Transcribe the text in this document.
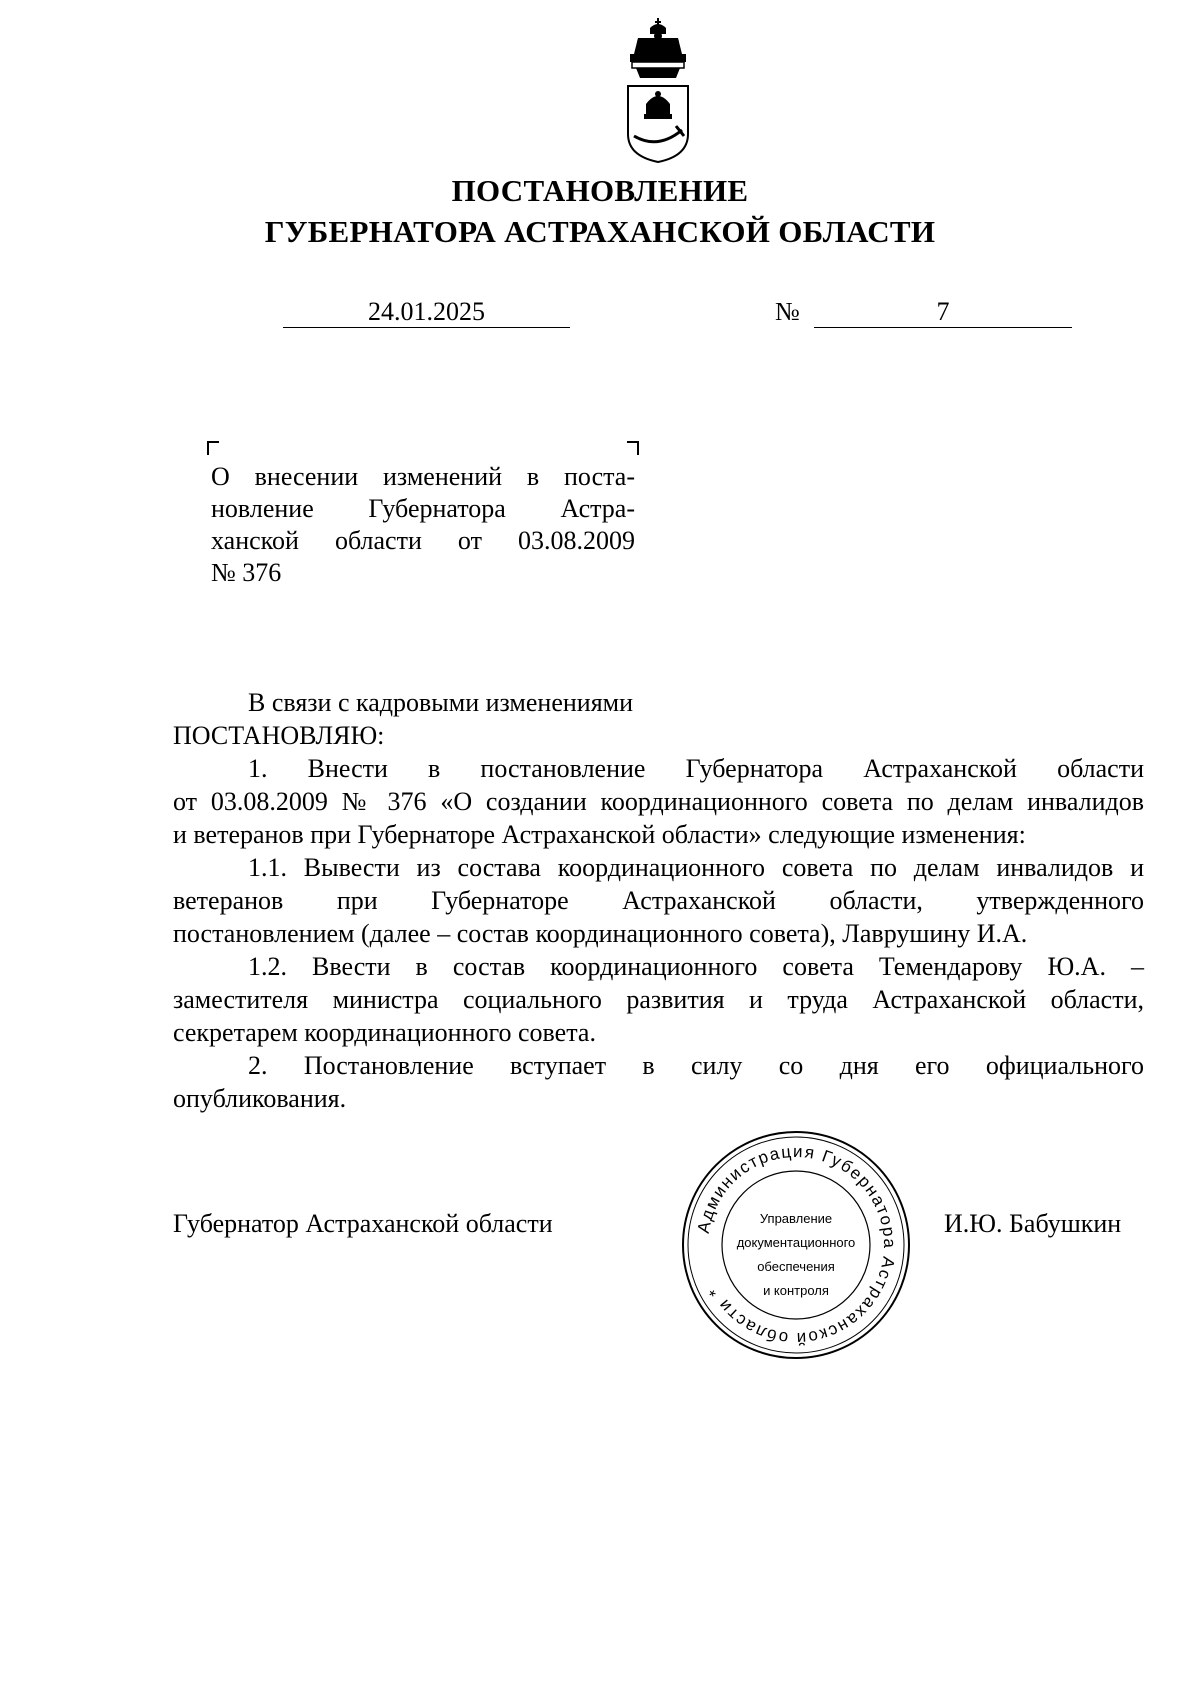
ПОСТАНОВЛЕНИЕ
ГУБЕРНАТОРА АСТРАХАНСКОЙ ОБЛАСТИ
24.01.2025	№	7
О внесении изменений в поста-
новление Губернатора Астра-
ханской области от 03.08.2009
№ 376
В связи с кадровыми изменениями
ПОСТАНОВЛЯЮ:
1. Внести в постановление Губернатора Астраханской области
от 03.08.2009 № 376 «О создании координационного совета по делам инвалидов
и ветеранов при Губернаторе Астраханской области» следующие изменения:
1.1. Вывести из состава координационного совета по делам инвалидов и
ветеранов при Губернаторе Астраханской области, утвержденного
постановлением (далее – состав координационного совета), Лаврушину И.А.
1.2. Ввести в состав координационного совета Темендарову Ю.А. –
заместителя министра социального развития и труда Астраханской области,
секретарем координационного совета.
2. Постановление вступает в силу со дня его официального
опубликования.
Губернатор Астраханской области	И.Ю. Бабушкин
Администрация Губернатора Астраханской области *
Управление
документационного
обеспечения
и контроля
